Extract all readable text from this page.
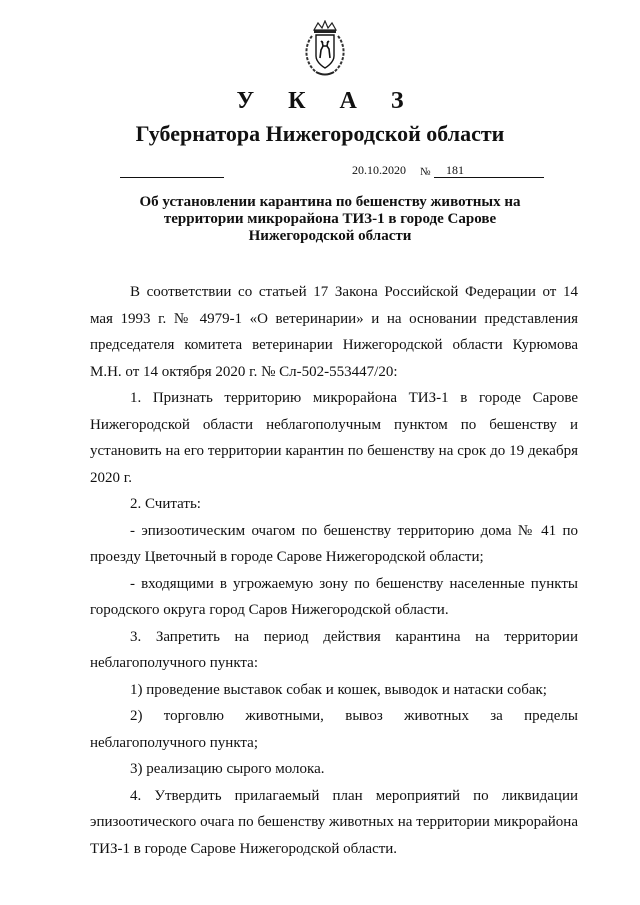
У К А З
Губернатора Нижегородской области
20.10.2020 № 181
Об установлении карантина по бешенству животных на
территории микрорайона ТИЗ-1 в городе Сарове
Нижегородской области

В соответствии со статьей 17 Закона Российской Федерации от 14 мая 1993 г. № 4979-1 «О ветеринарии» и на основании представления председателя комитета ветеринарии Нижегородской области Курюмова М.Н. от 14 октября 2020 г. № Сл-502-553447/20:

1. Признать территорию микрорайона ТИЗ-1 в городе Сарове Нижегородской области неблагополучным пунктом по бешенству и установить на его территории карантин по бешенству на срок до 19 декабря 2020 г.

2. Считать:

- эпизоотическим очагом по бешенству территорию дома № 41 по проезду Цветочный в городе Сарове Нижегородской области;

- входящими в угрожаемую зону по бешенству населенные пункты городского округа город Саров Нижегородской области.

3. Запретить на период действия карантина на территории неблагополучного пункта:

1) проведение выставок собак и кошек, выводок и натаски собак;

2) торговлю животными, вывоз животных за пределы неблагополучного пункта;

3) реализацию сырого молока.

4. Утвердить прилагаемый план мероприятий по ликвидации эпизоотического очага по бешенству животных на территории микрорайона ТИЗ-1 в городе Сарове Нижегородской области.
